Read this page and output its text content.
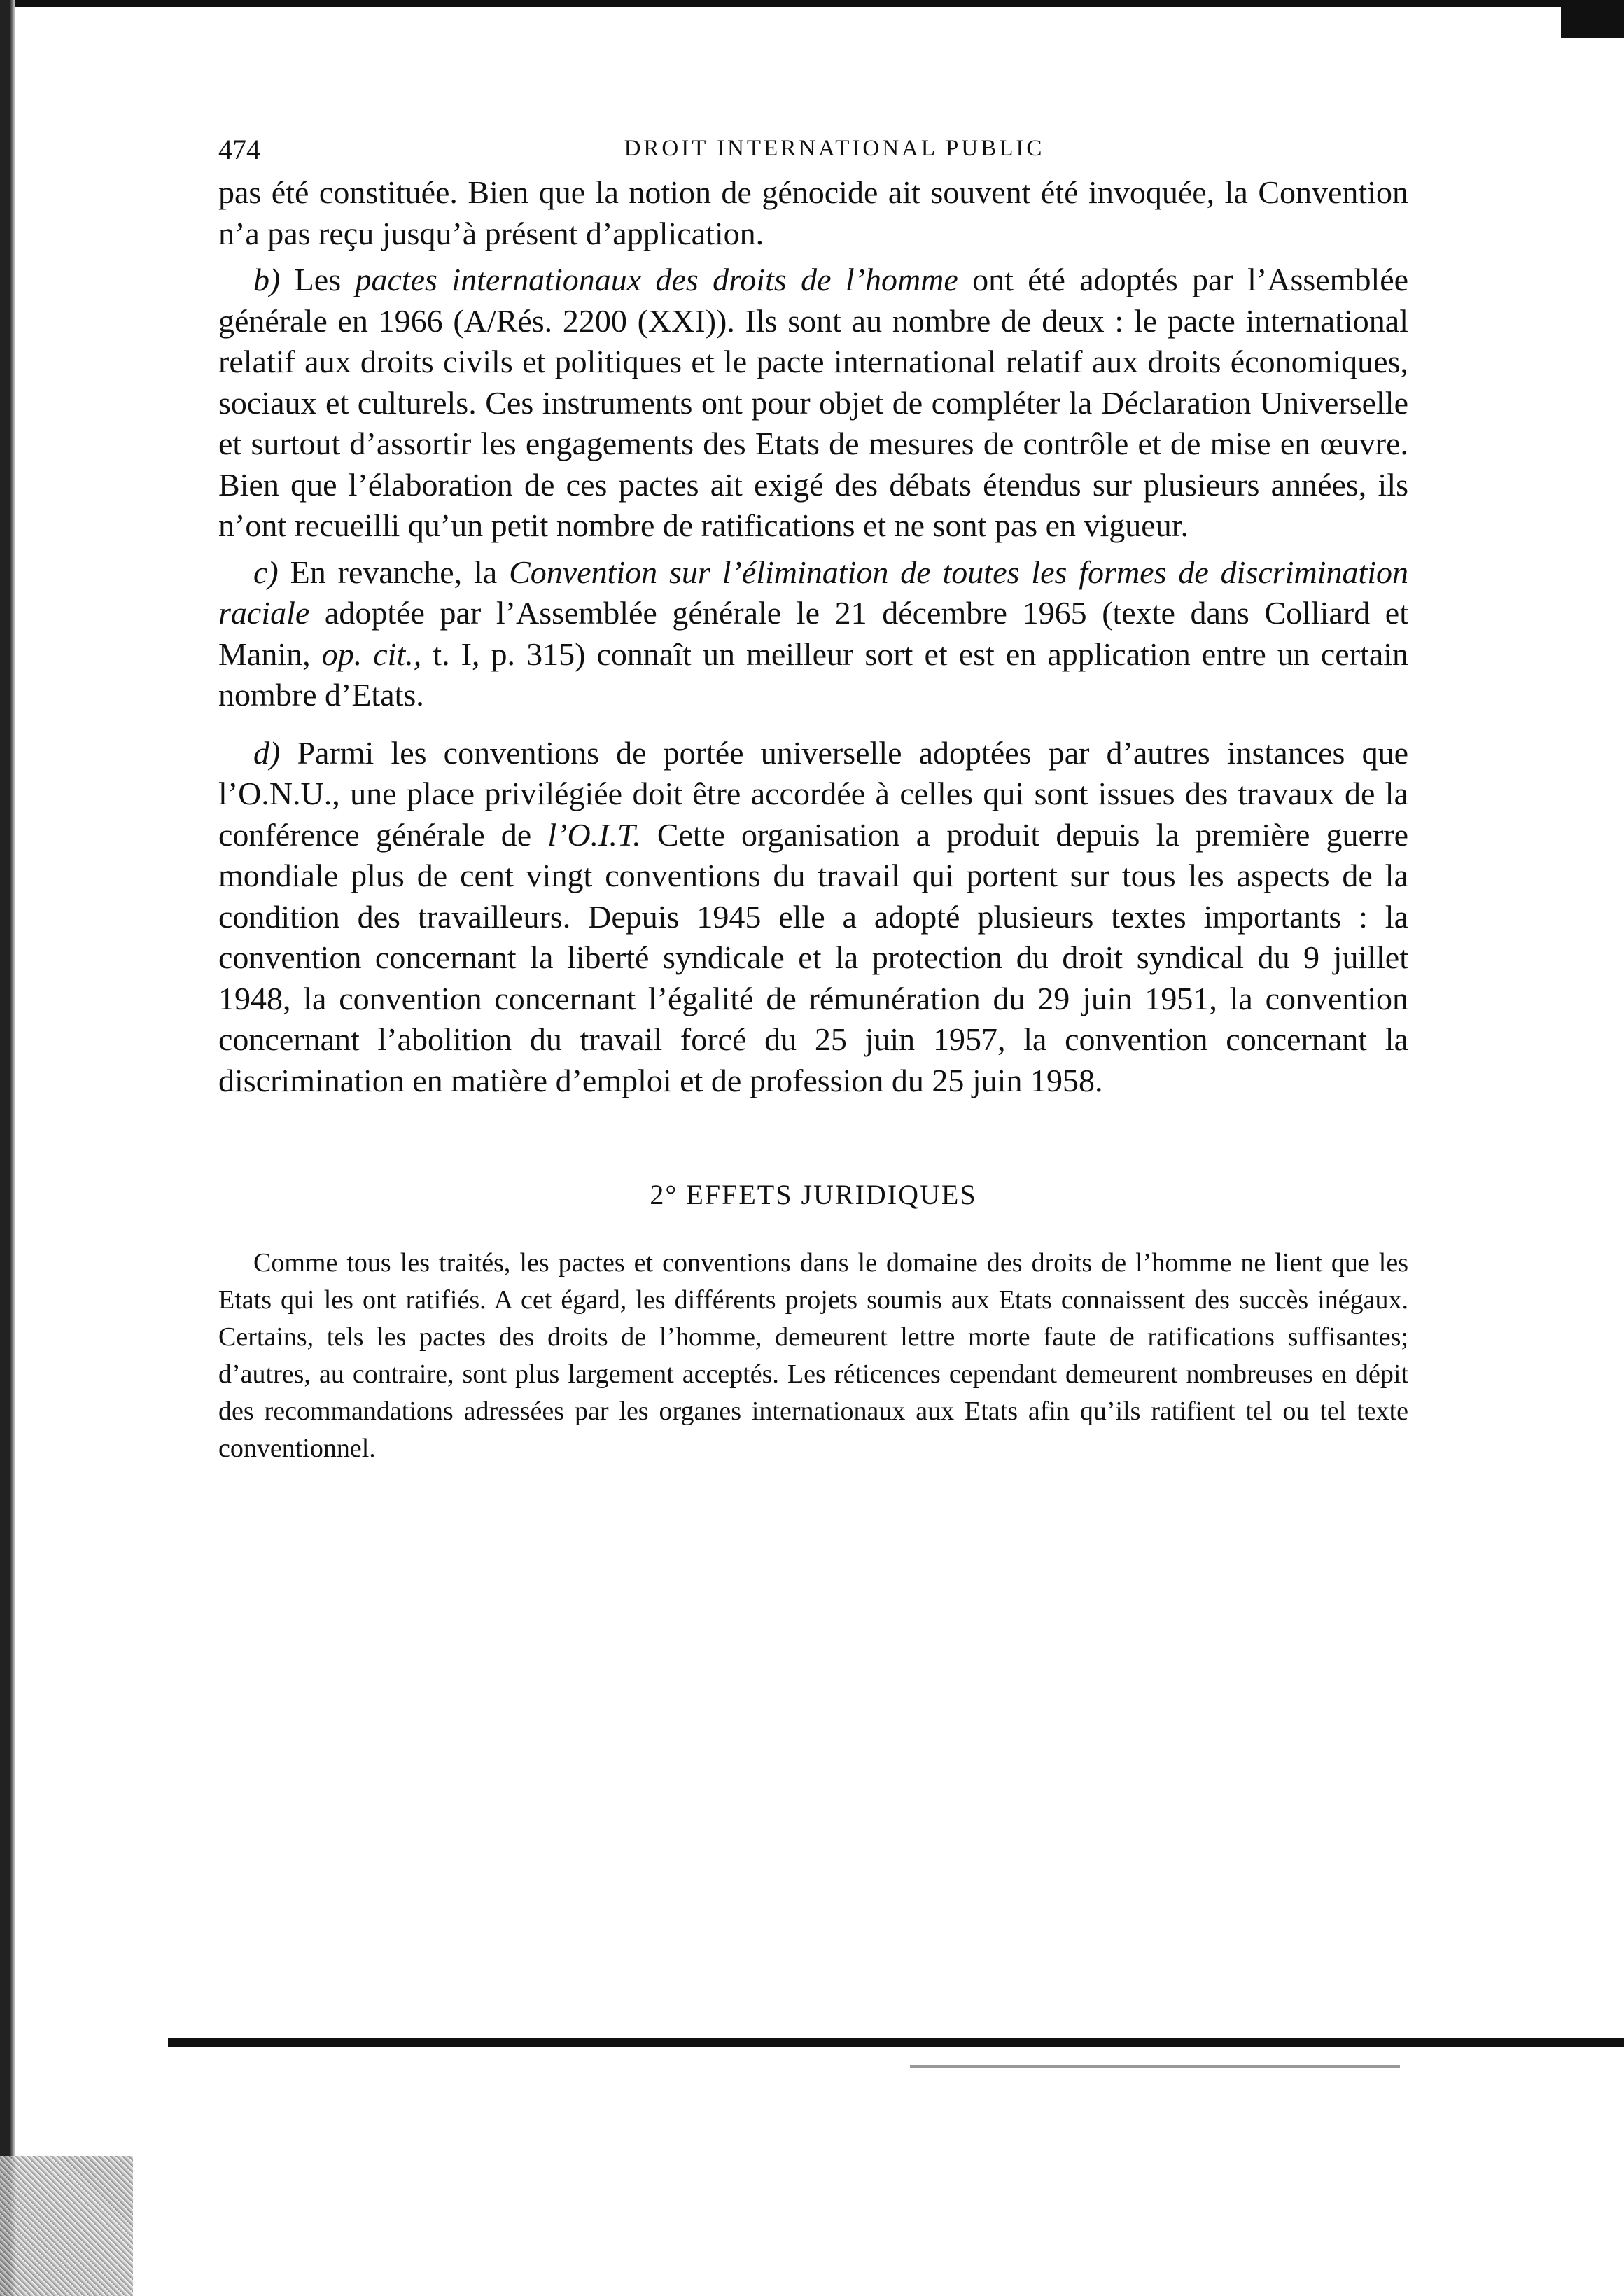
474	DROIT INTERNATIONAL PUBLIC

pas été constituée. Bien que la notion de génocide ait souvent été invoquée, la Convention n’a pas reçu jusqu’à présent d’application.

b) Les pactes internationaux des droits de l’homme ont été adoptés par l’Assemblée générale en 1966 (A/Rés. 2200 (XXI)). Ils sont au nombre de deux : le pacte international relatif aux droits civils et politiques et le pacte international relatif aux droits économiques, sociaux et culturels. Ces instruments ont pour objet de compléter la Déclaration Universelle et surtout d’assortir les engagements des Etats de mesures de contrôle et de mise en œuvre. Bien que l’élaboration de ces pactes ait exigé des débats étendus sur plusieurs années, ils n’ont recueilli qu’un petit nombre de ratifications et ne sont pas en vigueur.

c) En revanche, la Convention sur l’élimination de toutes les formes de discrimination raciale adoptée par l’Assemblée générale le 21 décembre 1965 (texte dans Colliard et Manin, op. cit., t. I, p. 315) connaît un meilleur sort et est en application entre un certain nombre d’Etats.

d) Parmi les conventions de portée universelle adoptées par d’autres instances que l’O.N.U., une place privilégiée doit être accordée à celles qui sont issues des travaux de la conférence générale de l’O.I.T. Cette organisation a produit depuis la première guerre mondiale plus de cent vingt conventions du travail qui portent sur tous les aspects de la condition des travailleurs. Depuis 1945 elle a adopté plusieurs textes importants : la convention concernant la liberté syndicale et la protection du droit syndical du 9 juillet 1948, la convention concernant l’égalité de rémunération du 29 juin 1951, la convention concernant l’abolition du travail forcé du 25 juin 1957, la convention concernant la discrimination en matière d’emploi et de profession du 25 juin 1958.

2° EFFETS JURIDIQUES

Comme tous les traités, les pactes et conventions dans le domaine des droits de l’homme ne lient que les Etats qui les ont ratifiés. A cet égard, les différents projets soumis aux Etats connaissent des succès inégaux. Certains, tels les pactes des droits de l’homme, demeurent lettre morte faute de ratifications suffisantes; d’autres, au contraire, sont plus largement acceptés. Les réticences cependant demeurent nombreuses en dépit des recommandations adressées par les organes internationaux aux Etats afin qu’ils ratifient tel ou tel texte conventionnel.
